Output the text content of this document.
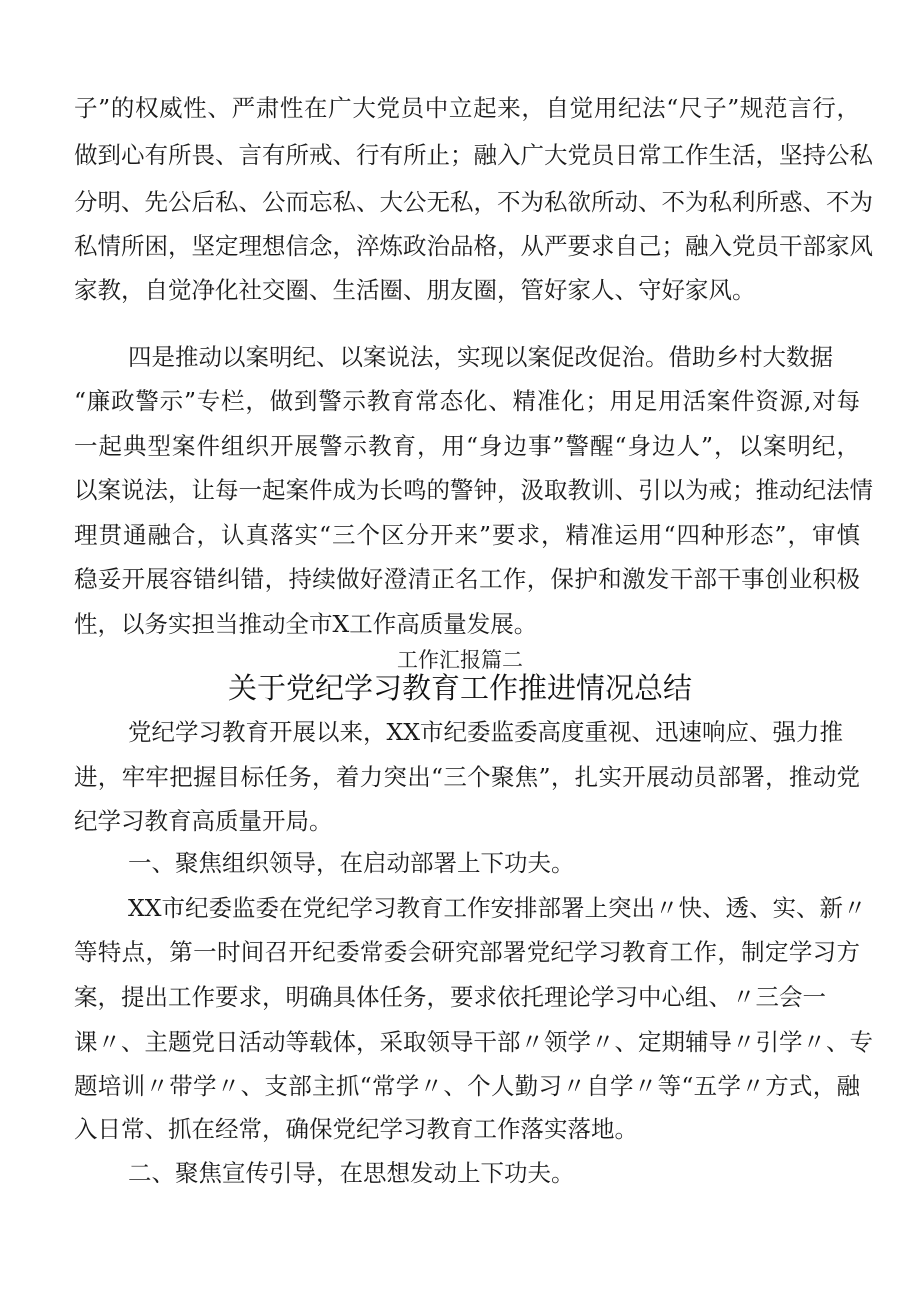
子”的权威性、严肃性在广大党员中立起来，自觉用纪法“尺子”规范言行，
做到心有所畏、言有所戒、行有所止；融入广大党员日常工作生活，坚持公私
分明、先公后私、公而忘私、大公无私，不为私欲所动、不为私利所惑、不为
私情所困，坚定理想信念，淬炼政治品格，从严要求自己；融入党员干部家风
家教，自觉净化社交圈、生活圈、朋友圈，管好家人、守好家风。
四是推动以案明纪、以案说法，实现以案促改促治。借助乡村大数据
“廉政警示”专栏，做到警示教育常态化、精准化；用足用活案件资源,对每
一起典型案件组织开展警示教育，用“身边事”警醒“身边人”，以案明纪，
以案说法，让每一起案件成为长鸣的警钟，汲取教训、引以为戒；推动纪法情
理贯通融合，认真落实“三个区分开来”要求，精准运用“四种形态”，审慎
稳妥开展容错纠错，持续做好澄清正名工作，保护和激发干部干事创业积极
性，以务实担当推动全市X工作高质量发展。
工作汇报篇二
关于党纪学习教育工作推进情况总结
党纪学习教育开展以来，XX市纪委监委高度重视、迅速响应、强力推
进，牢牢把握目标任务，着力突出“三个聚焦”，扎实开展动员部署，推动党
纪学习教育高质量开局。
一、聚焦组织领导，在启动部署上下功夫。
XX市纪委监委在党纪学习教育工作安排部署上突出〃快、透、实、新〃
等特点，第一时间召开纪委常委会研究部署党纪学习教育工作，制定学习方
案，提出工作要求，明确具体任务，要求依托理论学习中心组、〃三会一
课〃、主题党日活动等载体，采取领导干部〃领学〃、定期辅导〃引学〃、专
题培训〃带学〃、支部主抓“常学〃、个人勤习〃自学〃等“五学〃方式，融
入日常、抓在经常，确保党纪学习教育工作落实落地。
二、聚焦宣传引导，在思想发动上下功夫。
